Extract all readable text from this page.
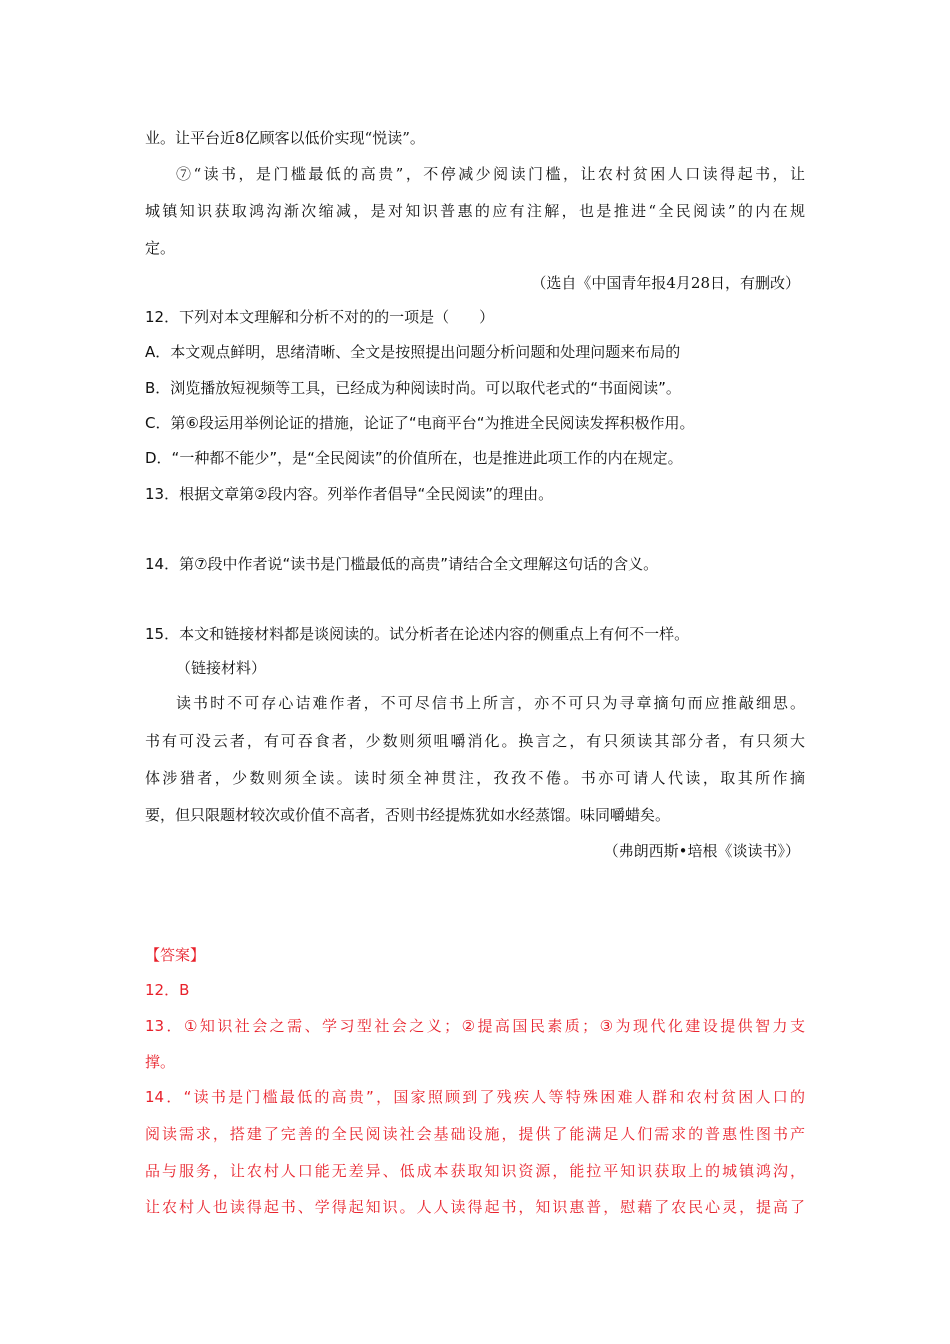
业。让平台近8亿顾客以低价实现“悦读”。
⑦“读书，是门槛最低的高贵”，不停减少阅读门槛，让农村贫困人口读得起书，让
城镇知识获取鸿沟渐次缩减，是对知识普惠的应有注解，也是推进“全民阅读”的内在规
定。
（选自《中国青年报4月28日，有删改）
12．下列对本文理解和分析不对的的一项是（　　）
A．本文观点鲜明，思绪清晰、全文是按照提出问题分析问题和处理问题来布局的
B．浏览播放短视频等工具，已经成为种阅读时尚。可以取代老式的“书面阅读”。
C．第⑥段运用举例论证的措施，论证了“电商平台“为推进全民阅读发挥积极作用。
D．“一种都不能少”，是“全民阅读”的价值所在，也是推进此项工作的内在规定。
13．根据文章第②段内容。列举作者倡导“全民阅读”的理由。
14．第⑦段中作者说“读书是门槛最低的高贵”请结合全文理解这句话的含义。
15．本文和链接材料都是谈阅读的。试分析者在论述内容的侧重点上有何不一样。
（链接材料）
读书时不可存心诘难作者，不可尽信书上所言，亦不可只为寻章摘句而应推敲细思。
书有可没云者，有可吞食者，少数则须咀嚼消化。换言之，有只须读其部分者，有只须大
体涉猎者，少数则须全读。读时须全神贯注，孜孜不倦。书亦可请人代读，取其所作摘
要，但只限题材较次或价值不高者，否则书经提炼犹如水经蒸馏。味同嚼蜡矣。
（弗朗西斯•培根《谈读书》）
【答案】
12．B
13．①知识社会之需、学习型社会之义；②提高国民素质；③为现代化建设提供智力支
撑。
14．“读书是门槛最低的高贵”，国家照顾到了残疾人等特殊困难人群和农村贫困人口的
阅读需求，搭建了完善的全民阅读社会基础设施，提供了能满足人们需求的普惠性图书产
品与服务，让农村人口能无差异、低成本获取知识资源，能拉平知识获取上的城镇鸿沟，
让农村人也读得起书、学得起知识。人人读得起书，知识惠普，慰藉了农民心灵，提高了
